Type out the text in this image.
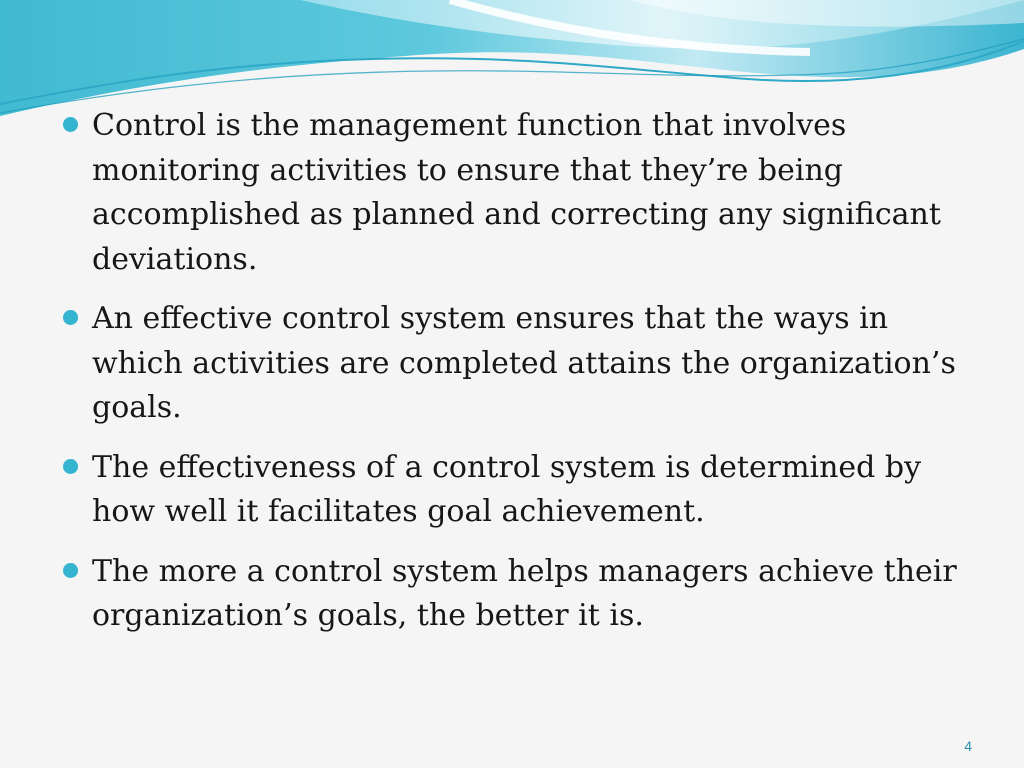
Control is the management function that involves monitoring activities to ensure that they’re being accomplished as planned and correcting any significant deviations.
An effective control system ensures that the ways in which activities are completed attains the organization’s goals.
The effectiveness of a control system is determined by how well it facilitates goal achievement.
The more a control system helps managers achieve their organization’s goals, the better it is.
4
